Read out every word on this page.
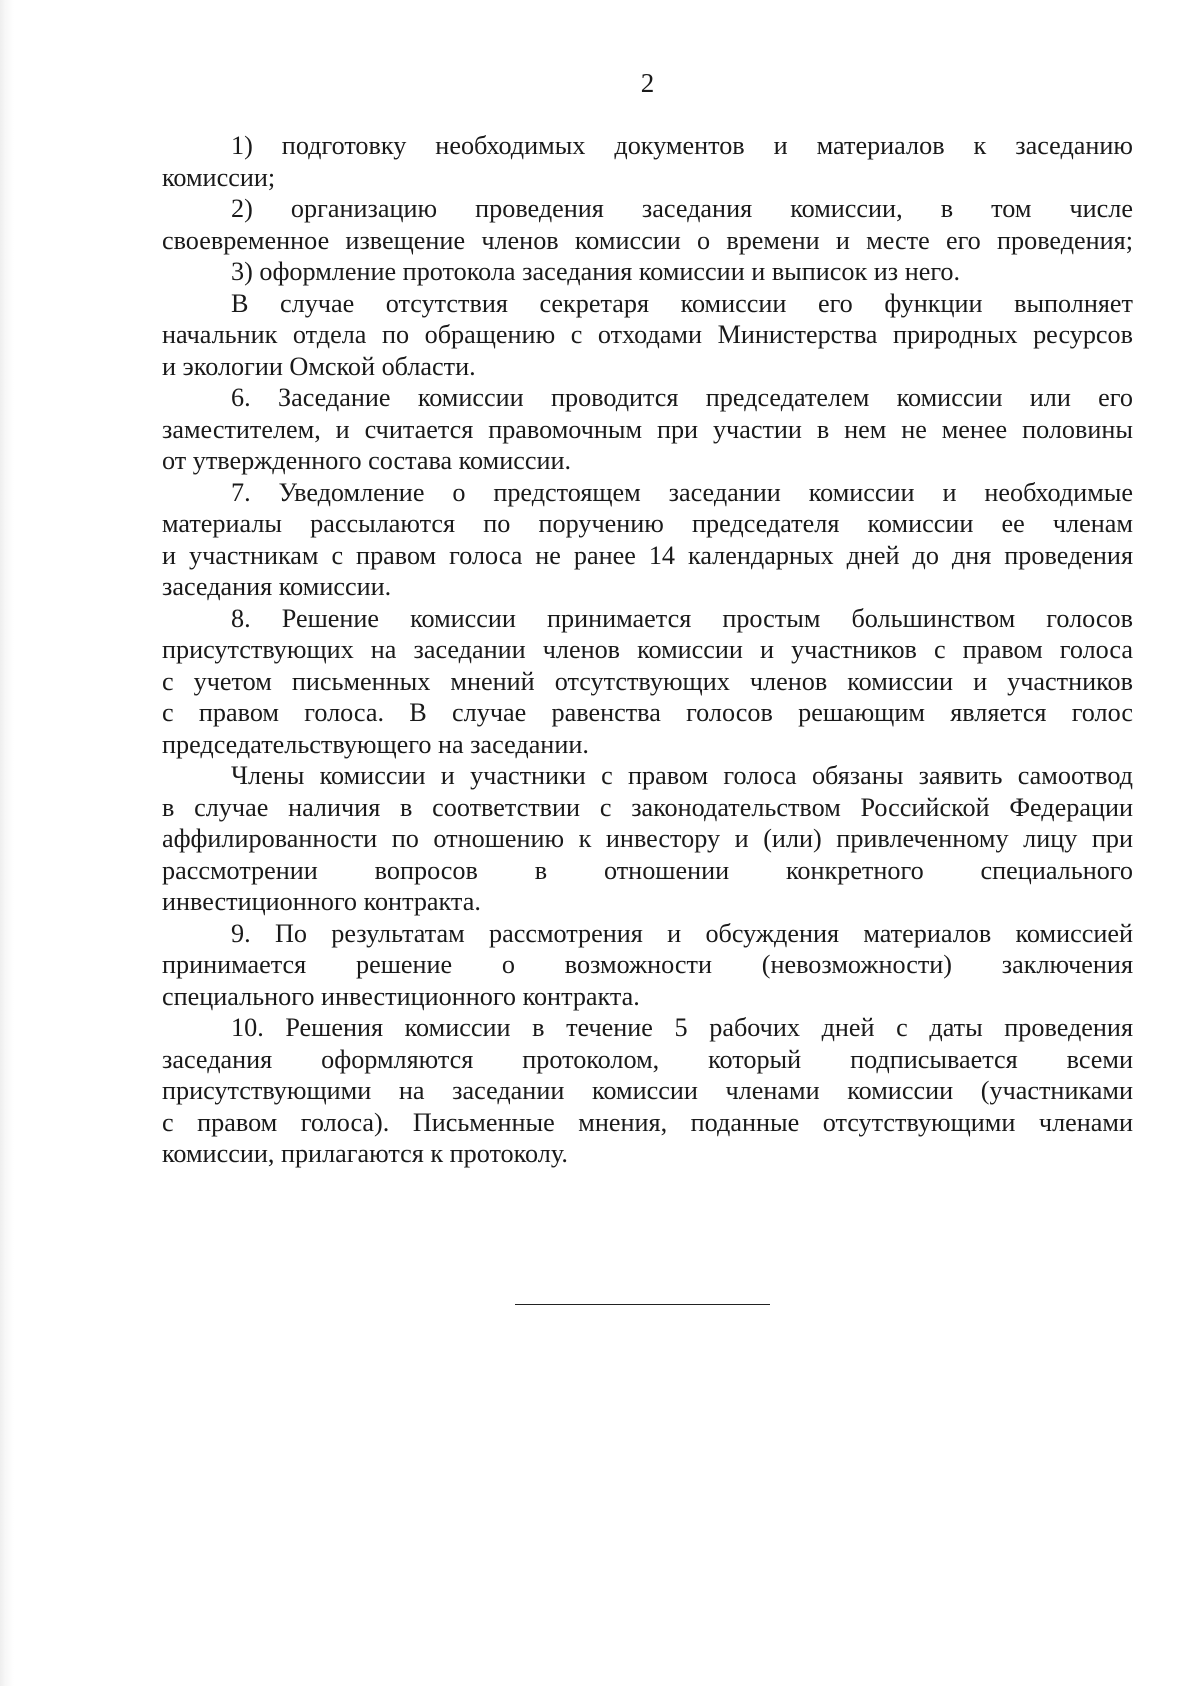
2
1) подготовку необходимых документов и материалов к заседанию
комиссии;
2) организацию проведения заседания комиссии, в том числе
своевременное извещение членов комиссии о времени и месте его проведения;
3) оформление протокола заседания комиссии и выписок из него.
В случае отсутствия секретаря комиссии его функции выполняет
начальник отдела по обращению с отходами Министерства природных ресурсов
и экологии Омской области.
6. Заседание комиссии проводится председателем комиссии или его
заместителем, и считается правомочным при участии в нем не менее половины
от утвержденного состава комиссии.
7. Уведомление о предстоящем заседании комиссии и необходимые
материалы рассылаются по поручению председателя комиссии ее членам
и участникам с правом голоса не ранее 14 календарных дней до дня проведения
заседания комиссии.
8. Решение комиссии принимается простым большинством голосов
присутствующих на заседании членов комиссии и участников с правом голоса
с учетом письменных мнений отсутствующих членов комиссии и участников
с правом голоса. В случае равенства голосов решающим является голос
председательствующего на заседании.
Члены комиссии и участники с правом голоса обязаны заявить самоотвод
в случае наличия в соответствии с законодательством Российской Федерации
аффилированности по отношению к инвестору и (или) привлеченному лицу при
рассмотрении вопросов в отношении конкретного специального
инвестиционного контракта.
9. По результатам рассмотрения и обсуждения материалов комиссией
принимается решение о возможности (невозможности) заключения
специального инвестиционного контракта.
10. Решения комиссии в течение 5 рабочих дней с даты проведения
заседания оформляются протоколом, который подписывается всеми
присутствующими на заседании комиссии членами комиссии (участниками
с правом голоса). Письменные мнения, поданные отсутствующими членами
комиссии, прилагаются к протоколу.
